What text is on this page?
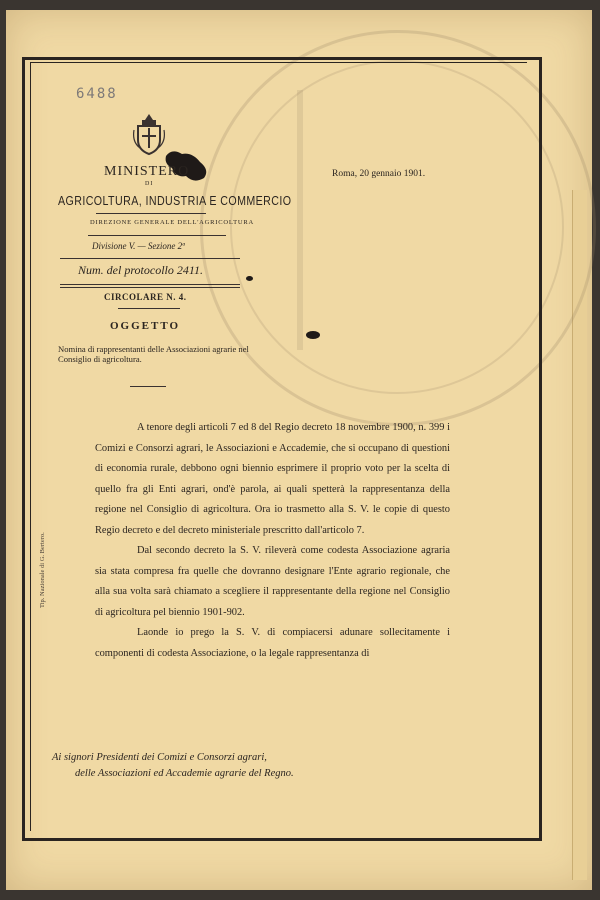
6488
MINISTERO
DI
AGRICOLTURA, INDUSTRIA E COMMERCIO
DIREZIONE GENERALE DELL'AGRICOLTURA
Divisione V. — Sezione 2ª
Num. del protocollo 2411.
CIRCOLARE N. 4.
OGGETTO
Nomina di rappresentanti delle Associazioni agrarie nel Consiglio di agricoltura.
Roma, 20 gennaio 1901.

A tenore degli articoli 7 ed 8 del Regio decreto 18 novembre 1900, n. 399 i Comizi e Consorzi agrari, le Associazioni e Accademie, che si occupano di questioni di economia rurale, debbono ogni biennio esprimere il proprio voto per la scelta di quello fra gli Enti agrari, ond'è parola, ai quali spetterà la rappresentanza della regione nel Consiglio di agricoltura. Ora io trasmetto alla S. V. le copie di questo Regio decreto e del decreto ministeriale prescritto dall'articolo 7.

Dal secondo decreto la S. V. rileverà come codesta Associazione agraria sia stata compresa fra quelle che dovranno designare l'Ente agrario regionale, che alla sua volta sarà chiamato a scegliere il rappresentante della regione nel Consiglio di agricoltura pel biennio 1901-902.

Laonde io prego la S. V. di compiacersi adunare sollecitamente i componenti di codesta Associazione, o la legale rappresentanza di

Tip. Nazionale di G. Bertero.
Ai signori Presidenti dei Comizi e Consorzi agrari,
delle Associazioni ed Accademie agrarie del Regno.
